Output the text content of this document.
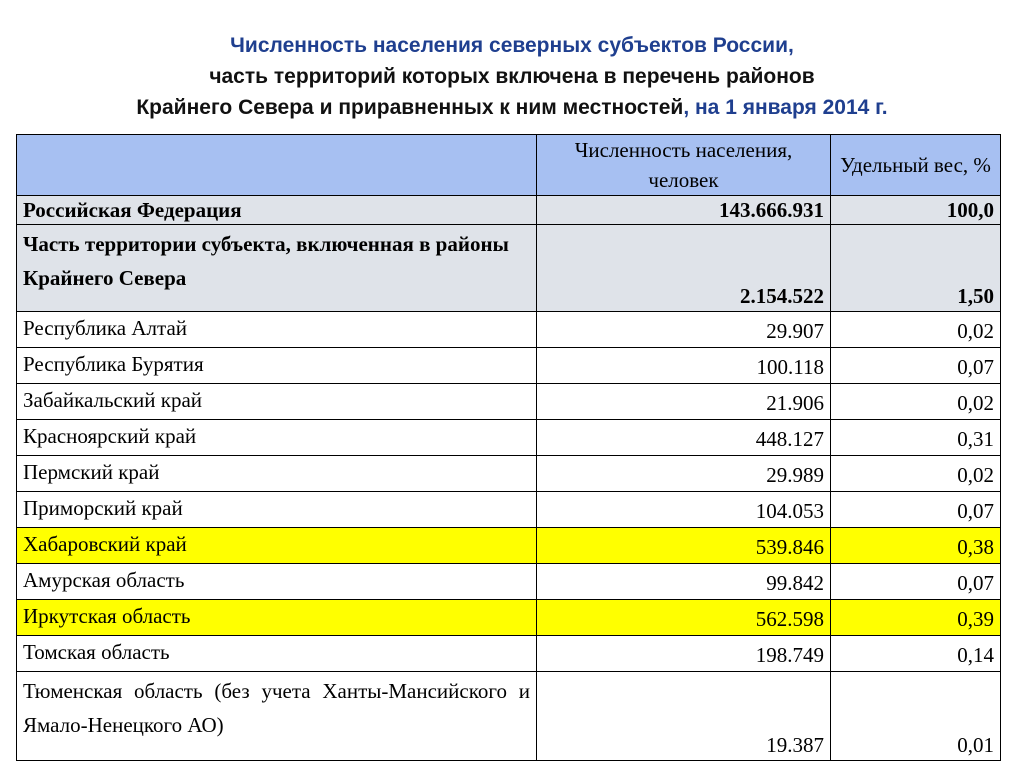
Численность населения северных субъектов России,
часть территорий которых включена в перечень районов
Крайнего Севера и приравненных к ним местностей, на 1 января 2014 г.
	Численность населения, человек	Удельный вес, %
Российская Федерация	143.666.931	100,0
Часть территории субъекта, включенная в районы Крайнего Севера	2.154.522	1,50
Республика Алтай	29.907	0,02
Республика Бурятия	100.118	0,07
Забайкальский край	21.906	0,02
Красноярский край	448.127	0,31
Пермский край	29.989	0,02
Приморский край	104.053	0,07
Хабаровский край	539.846	0,38
Амурская область	99.842	0,07
Иркутская область	562.598	0,39
Томская область	198.749	0,14
Тюменская область (без учета Ханты-Мансийского и Ямало-Ненецкого АО)	19.387	0,01
